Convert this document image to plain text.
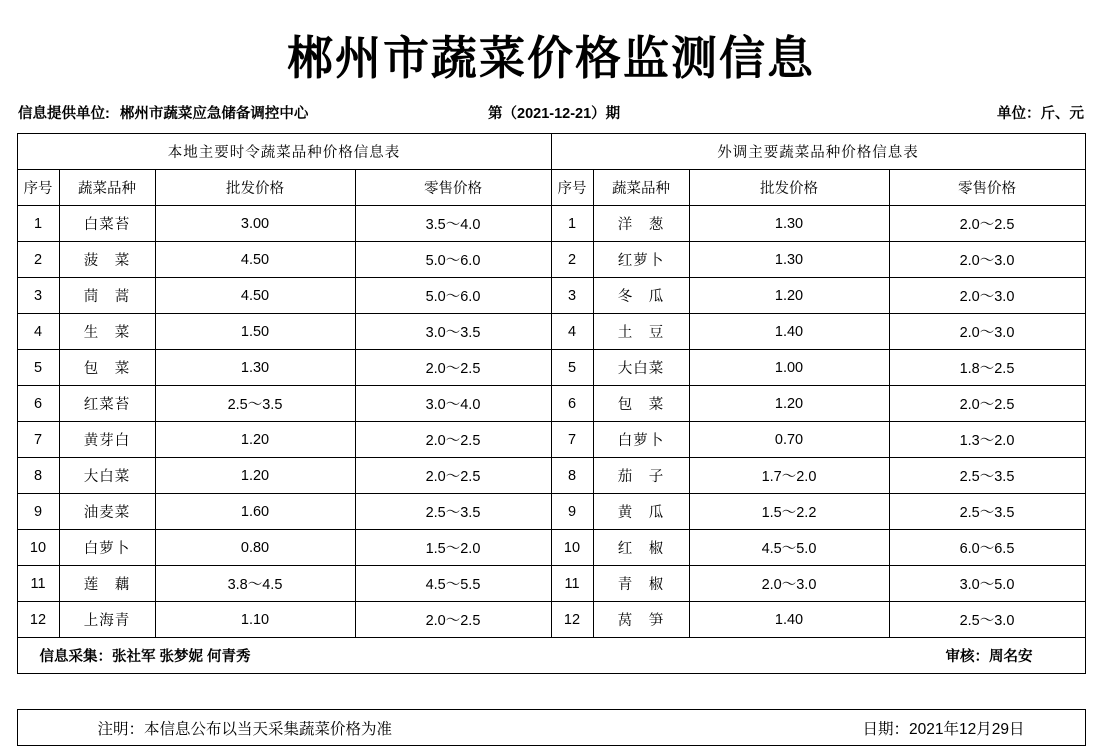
郴州市蔬菜价格监测信息
信息提供单位: 郴州市蔬菜应急储备调控中心	第（2021-12-21）期	单位：斤、元
本地主要时令蔬菜品种价格信息表				外调主要蔬菜品种价格信息表			
序号	蔬菜品种	批发价格	零售价格	序号	蔬菜品种	批发价格	零售价格
1	白菜苔	3.00	3.5～4.0	1	洋　葱	1.30	2.0～2.5
2	菠　菜	4.50	5.0～6.0	2	红萝卜	1.30	2.0～3.0
3	茼　蒿	4.50	5.0～6.0	3	冬　瓜	1.20	2.0～3.0
4	生　菜	1.50	3.0～3.5	4	土　豆	1.40	2.0～3.0
5	包　菜	1.30	2.0～2.5	5	大白菜	1.00	1.8～2.5
6	红菜苔	2.5～3.5	3.0～4.0	6	包　菜	1.20	2.0～2.5
7	黄芽白	1.20	2.0～2.5	7	白萝卜	0.70	1.3～2.0
8	大白菜	1.20	2.0～2.5	8	茄　子	1.7～2.0	2.5～3.5
9	油麦菜	1.60	2.5～3.5	9	黄　瓜	1.5～2.2	2.5～3.5
10	白萝卜	0.80	1.5～2.0	10	红　椒	4.5～5.0	6.0～6.5
11	莲　藕	3.8～4.5	4.5～5.5	11	青　椒	2.0～3.0	3.0～5.0
12	上海青	1.10	2.0～2.5	12	莴　笋	1.40	2.5～3.0

信息采集：张社军 张梦妮 何青秀 审核：周名安							

注明：本信息公布以当天采集蔬菜价格为准 日期：2021年12月29日							
